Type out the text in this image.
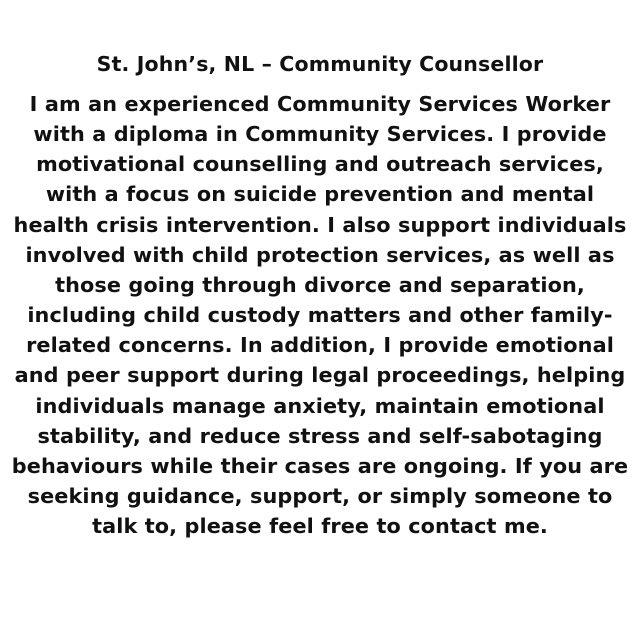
St. John’s, NL – Community Counsellor
I am an experienced Community Services Worker
with a diploma in Community Services. I provide
motivational counselling and outreach services,
with a focus on suicide prevention and mental
health crisis intervention. I also support individuals
involved with child protection services, as well as
those going through divorce and separation,
including child custody matters and other family-
related concerns. In addition, I provide emotional
and peer support during legal proceedings, helping
individuals manage anxiety, maintain emotional
stability, and reduce stress and self-sabotaging
behaviours while their cases are ongoing. If you are
seeking guidance, support, or simply someone to
talk to, please feel free to contact me.
